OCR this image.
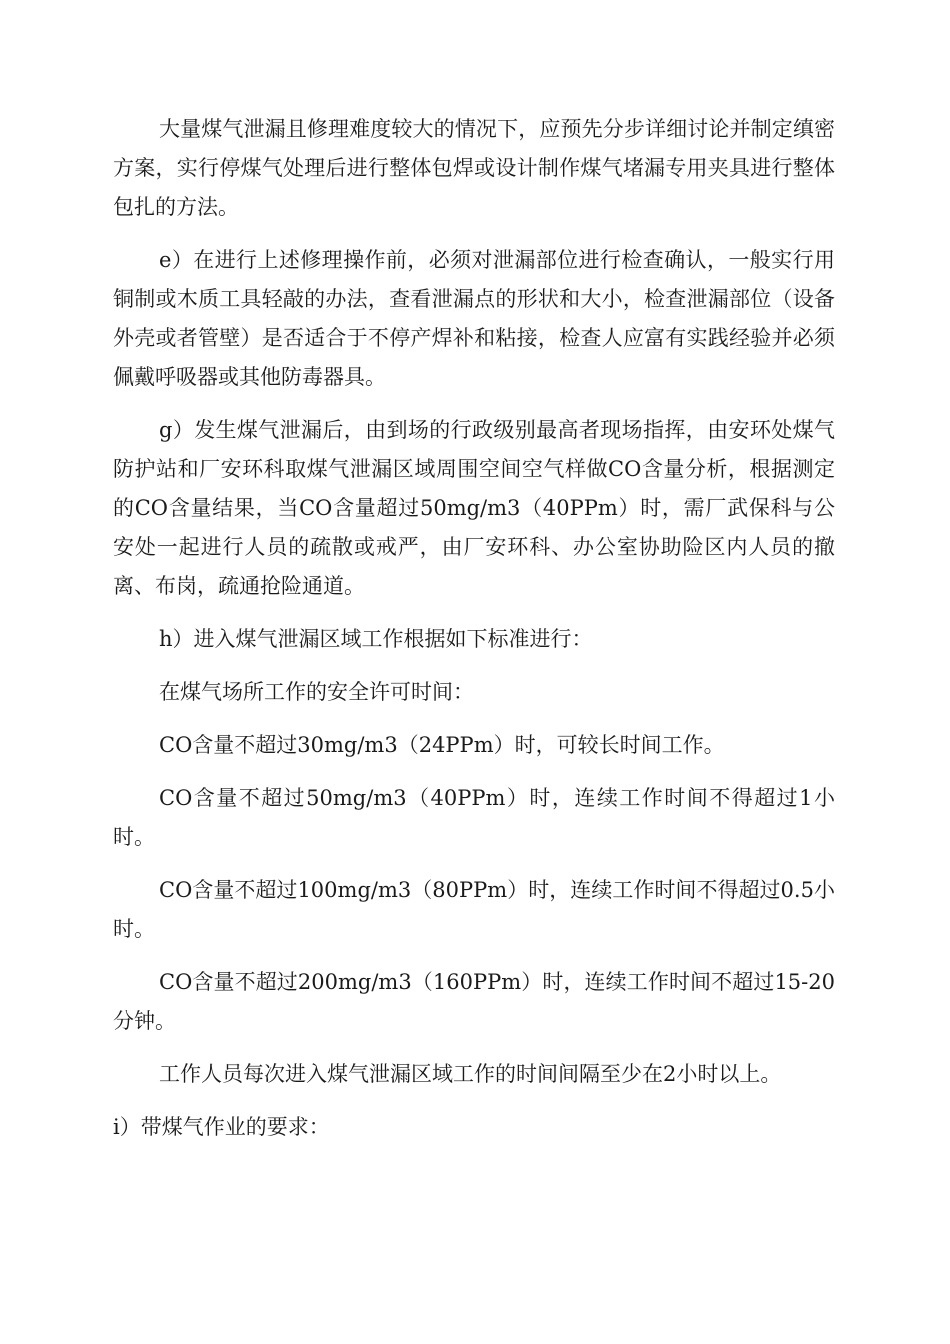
大量煤气泄漏且修理难度较大的情况下，应预先分步详细讨论并制定缜密方案，实行停煤气处理后进行整体包焊或设计制作煤气堵漏专用夹具进行整体包扎的方法。

e）在进行上述修理操作前，必须对泄漏部位进行检查确认，一般实行用铜制或木质工具轻敲的办法，查看泄漏点的形状和大小，检查泄漏部位（设备外壳或者管壁）是否适合于不停产焊补和粘接，检查人应富有实践经验并必须佩戴呼吸器或其他防毒器具。

g）发生煤气泄漏后，由到场的行政级别最高者现场指挥，由安环处煤气防护站和厂安环科取煤气泄漏区域周围空间空气样做CO含量分析，根据测定的CO含量结果，当CO含量超过50mg/m3（40PPm）时，需厂武保科与公安处一起进行人员的疏散或戒严，由厂安环科、办公室协助险区内人员的撤离、布岗，疏通抢险通道。

h）进入煤气泄漏区域工作根据如下标准进行：

在煤气场所工作的安全许可时间：

CO含量不超过30mg/m3（24PPm）时，可较长时间工作。

CO含量不超过50mg/m3（40PPm）时，连续工作时间不得超过1小时。

CO含量不超过100mg/m3（80PPm）时，连续工作时间不得超过0.5小时。

CO含量不超过200mg/m3（160PPm）时，连续工作时间不超过15-20分钟。

工作人员每次进入煤气泄漏区域工作的时间间隔至少在2小时以上。

i）带煤气作业的要求：
